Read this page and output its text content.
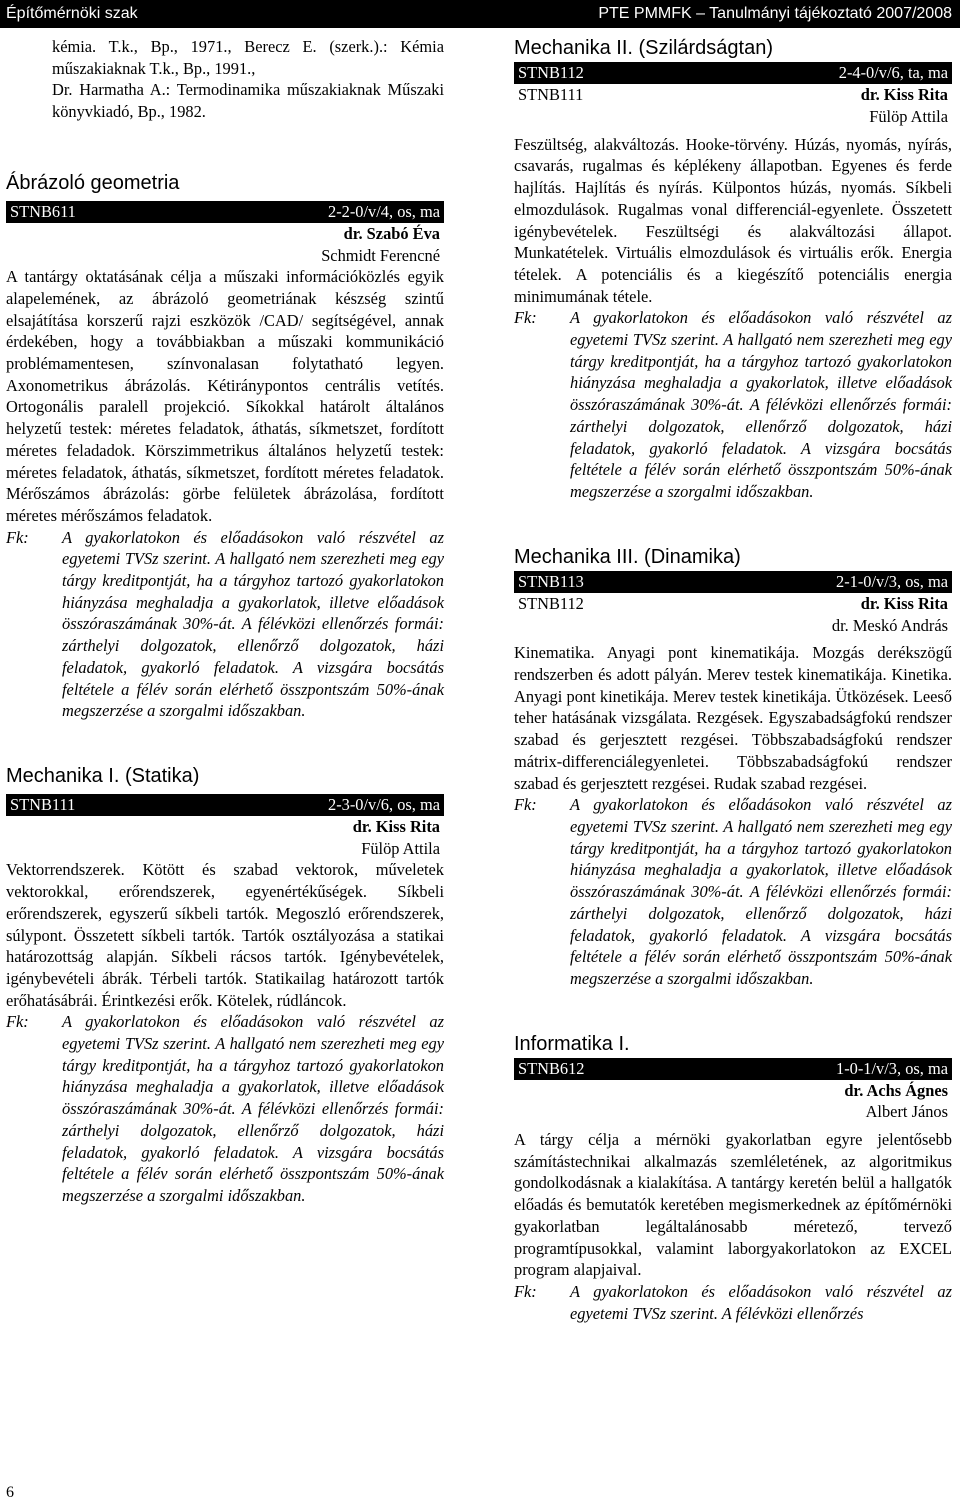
Építőmérnöki szak	PTE PMMFK – Tanulmányi tájékoztató 2007/2008

kémia. T.k., Bp., 1971., Berecz E. (szerk.).: Kémia műszakiaknak T.k., Bp., 1991.,

Dr. Harmatha A.: Termodinamika műszakiaknak Műszaki könyvkiadó, Bp., 1982.

Ábrázoló geometria
STNB611	2-2-0/v/4, os, ma

dr. Szabó Éva

Schmidt Ferencné

A tantárgy oktatásának célja a műszaki információközlés egyik alapelemének, az ábrázoló geometriának készség szintű elsajátítása korszerű rajzi eszközök /CAD/ segítségével, annak érdekében, hogy a továbbiakban a műszaki kommunikáció problémamentesen, színvonalasan folytatható legyen. Axonometrikus ábrázolás. Kétiránypontos centrális vetítés. Ortogonális paralell projekció. Síkokkal határolt általános helyzetű testek: méretes feladatok, áthatás, síkmetszet, fordított méretes feladadok. Körszimmetrikus általános helyzetű testek: méretes feladatok, áthatás, síkmetszet, fordított méretes feladatok. Mérőszámos ábrázolás: görbe felületek ábrázolása, fordított méretes mérőszámos feladatok.

Fk: A gyakorlatokon és előadásokon való részvétel az egyetemi TVSz szerint. A hallgató nem szerezheti meg egy tárgy kreditpontját, ha a tárgyhoz tartozó gyakorlatokon hiányzása meghaladja a gyakorlatok, illetve előadások összóraszámának 30%-át. A félévközi ellenőrzés formái: zárthelyi dolgozatok, ellenőrző dolgozatok, házi feladatok, gyakorló feladatok. A vizsgára bocsátás feltétele a félév során elérhető összpontszám 50%-ának megszerzése a szorgalmi időszakban.

Mechanika I. (Statika)
STNB111	2-3-0/v/6, os, ma

dr. Kiss Rita

Fülöp Attila

Vektorrendszerek. Kötött és szabad vektorok, műveletek vektorokkal, erőrendszerek, egyenértékűségek. Síkbeli erőrendszerek, egyszerű síkbeli tartók. Megoszló erőrendszerek, súlypont. Összetett síkbeli tartók. Tartók osztályozása a statikai határozottság alapján. Síkbeli rácsos tartók. Igénybevételek, igénybevételi ábrák. Térbeli tartók. Statikailag határozott tartók erőhatásábrái. Érintkezési erők. Kötelek, rúdláncok.

Fk: A gyakorlatokon és előadásokon való részvétel az egyetemi TVSz szerint. A hallgató nem szerezheti meg egy tárgy kreditpontját, ha a tárgyhoz tartozó gyakorlatokon hiányzása meghaladja a gyakorlatok, illetve előadások összóraszámának 30%-át. A félévközi ellenőrzés formái: zárthelyi dolgozatok, ellenőrző dolgozatok, házi feladatok, gyakorló feladatok. A vizsgára bocsátás feltétele a félév során elérhető összpontszám 50%-ának megszerzése a szorgalmi időszakban.

Mechanika II. (Szilárdságtan)
STNB112	2-4-0/v/6, ta, ma
STNB111	dr. Kiss Rita

Fülöp Attila

Feszültség, alakváltozás. Hooke-törvény. Húzás, nyomás, nyírás, csavarás, rugalmas és képlékeny állapotban. Egyenes és ferde hajlítás. Hajlítás és nyírás. Külpontos húzás, nyomás. Síkbeli elmozdulások. Rugalmas vonal differenciál-egyenlete. Összetett igénybevételek. Feszültségi és alakváltozási állapot. Munkatételek. Virtuális elmozdulások és virtuális erők. Energia tételek. A potenciális és a kiegészítő potenciális energia minimumának tétele.

Fk: A gyakorlatokon és előadásokon való részvétel az egyetemi TVSz szerint. A hallgató nem szerezheti meg egy tárgy kreditpontját, ha a tárgyhoz tartozó gyakorlatokon hiányzása meghaladja a gyakorlatok, illetve előadások összóraszámának 30%-át. A félévközi ellenőrzés formái: zárthelyi dolgozatok, ellenőrző dolgozatok, házi feladatok, gyakorló feladatok. A vizsgára bocsátás feltétele a félév során elérhető összpontszám 50%-ának megszerzése a szorgalmi időszakban.

Mechanika III. (Dinamika)
STNB113	2-1-0/v/3, os, ma
STNB112	dr. Kiss Rita

dr. Meskó András

Kinematika. Anyagi pont kinematikája. Mozgás derékszögű rendszerben és adott pályán. Merev testek kinematikája. Kinetika. Anyagi pont kinetikája. Merev testek kinetikája. Ütközések. Leeső teher hatásának vizsgálata. Rezgések. Egyszabadságfokú rendszer szabad és gerjesztett rezgései. Többszabadságfokú rendszer mátrix-differenciálegyenletei. Többszabadságfokú rendszer szabad és gerjesztett rezgései. Rudak szabad rezgései.

Fk: A gyakorlatokon és előadásokon való részvétel az egyetemi TVSz szerint. A hallgató nem szerezheti meg egy tárgy kreditpontját, ha a tárgyhoz tartozó gyakorlatokon hiányzása meghaladja a gyakorlatok, illetve előadások összóraszámának 30%-át. A félévközi ellenőrzés formái: zárthelyi dolgozatok, ellenőrző dolgozatok, házi feladatok, gyakorló feladatok. A vizsgára bocsátás feltétele a félév során elérhető összpontszám 50%-ának megszerzése a szorgalmi időszakban.

Informatika I.
STNB612	1-0-1/v/3, os, ma

dr. Achs Ágnes

Albert János

A tárgy célja a mérnöki gyakorlatban egyre jelentősebb számítástechnikai alkalmazás szemléletének, az algoritmikus gondolkodásnak a kialakítása. A tantárgy keretén belül a hallgatók előadás és bemutatók keretében megismerkednek az építőmérnöki gyakorlatban legáltalánosabb méretező, tervező programtípusokkal, valamint laborgyakorlatokon az EXCEL program alapjaival.

Fk: A gyakorlatokon és előadásokon való részvétel az egyetemi TVSz szerint. A félévközi ellenőrzés

6
